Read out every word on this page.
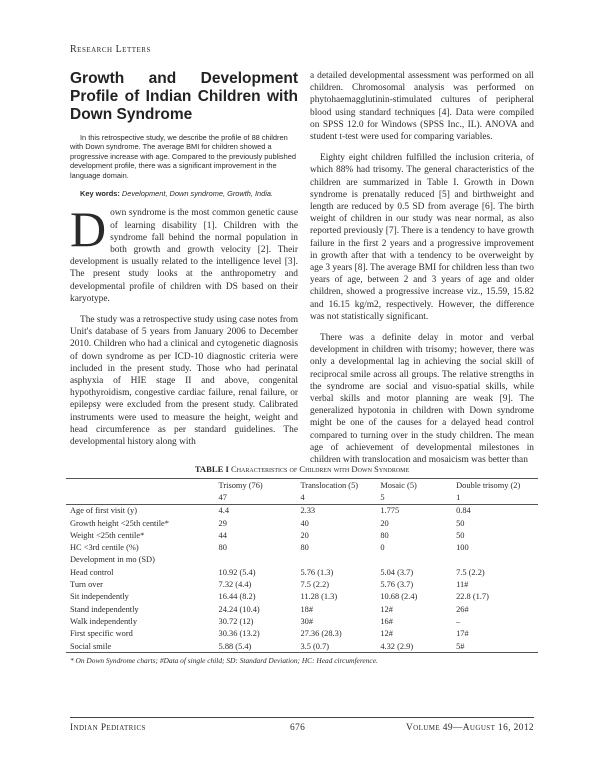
Research Letters
Growth and Development Profile of Indian Children with Down Syndrome

In this retrospective study, we describe the profile of 88 children with Down syndrome. The average BMI for children showed a progressive increase with age. Compared to the previously published development profile, there was a significant improvement in the language domain.

Key words: Development, Down syndrome, Growth, India.

Down syndrome is the most common genetic cause of learning disability [1]. Children with the syndrome fall behind the normal population in both growth and growth velocity [2]. Their development is usually related to the intelligence level [3]. The present study looks at the anthropometry and developmental profile of children with DS based on their karyotype.

The study was a retrospective study using case notes from Unit's database of 5 years from January 2006 to December 2010. Children who had a clinical and cytogenetic diagnosis of down syndrome as per ICD-10 diagnostic criteria were included in the present study. Those who had perinatal asphyxia of HIE stage II and above, congenital hypothyroidism, congestive cardiac failure, renal failure, or epilepsy were excluded from the present study. Calibrated instruments were used to measure the height, weight and head circumference as per standard guidelines. The developmental history along with

a detailed developmental assessment was performed on all children. Chromosomal analysis was performed on phytohaemagglutinin-stimulated cultures of peripheral blood using standard techniques [4]. Data were compiled on SPSS 12.0 for Windows (SPSS Inc., IL). ANOVA and student t-test were used for comparing variables.

Eighty eight children fulfilled the inclusion criteria, of which 88% had trisomy. The general characteristics of the children are summarized in Table I. Growth in Down syndrome is prenatally reduced [5] and birthweight and length are reduced by 0.5 SD from average [6]. The birth weight of children in our study was near normal, as also reported previously [7]. There is a tendency to have growth failure in the first 2 years and a progressive improvement in growth after that with a tendency to be overweight by age 3 years [8]. The average BMI for children less than two years of age, between 2 and 3 years of age and older children, showed a progressive increase viz., 15.59, 15.82 and 16.15 kg/m2, respectively. However, the difference was not statistically significant.

There was a definite delay in motor and verbal development in children with trisomy; however, there was only a developmental lag in achieving the social skill of reciprocal smile across all groups. The relative strengths in the syndrome are social and visuo-spatial skills, while verbal skills and motor planning are weak [9]. The generalized hypotonia in children with Down syndrome might be one of the causes for a delayed head control compared to turning over in the study children. The mean age of achievement of developmental milestones in children with translocation and mosaicism was better than

TABLE I Characteristics of Children with Down Syndrome
	Trisomy (76)	Translocation (5)	Mosaic (5)	Double trisomy (2)
	47	4	5	1
Age of first visit (y)	4.4	2.33	1.775	0.84
Growth height <25th centile*	29	40	20	50
Weight <25th centile*	44	20	80	50
HC <3rd centile (%)	80	80	0	100
Development in mo (SD)				
Head control	10.92 (5.4)	5.76 (1.3)	5.04 (3.7)	7.5 (2.2)
Turn over	7.32 (4.4)	7.5 (2.2)	5.76 (3.7)	11#
Sit independently	16.44 (8.2)	11.28 (1.3)	10.68 (2.4)	22.8 (1.7)
Stand independently	24.24 (10.4)	18#	12#	26#
Walk independently	30.72 (12)	30#	16#	–
First specific word	30.36 (13.2)	27.36 (28.3)	12#	17#
Social smile	5.88 (5.4)	3.5 (0.7)	4.32 (2.9)	5#
* On Down Syndrome charts; #Data of single child; SD: Standard Deviation; HC: Head circumference.
Indian Pediatrics	676	Volume 49—August 16, 2012
